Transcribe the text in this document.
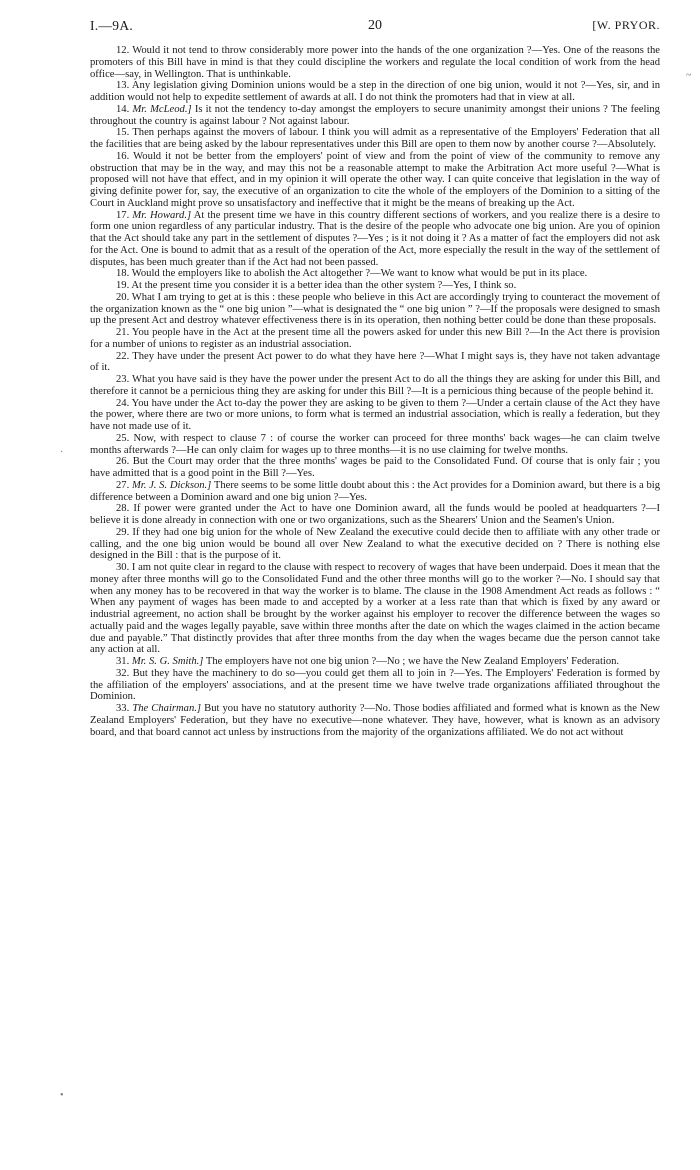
I.—9A.	20	[W. PRYOR.
~
·
•

12. Would it not tend to throw considerably more power into the hands of the one organization ?—Yes. One of the reasons the promoters of this Bill have in mind is that they could discipline the workers and regulate the local condition of work from the head office—say, in Wellington. That is unthinkable.

13. Any legislation giving Dominion unions would be a step in the direction of one big union, would it not ?—Yes, sir, and in addition would not help to expedite settlement of awards at all. I do not think the promoters had that in view at all.

14. Mr. McLeod.] Is it not the tendency to-day amongst the employers to secure unanimity amongst their unions ? The feeling throughout the country is against labour ? Not against labour.

15. Then perhaps against the movers of labour. I think you will admit as a representative of the Employers' Federation that all the facilities that are being asked by the labour representatives under this Bill are open to them now by another course ?—Absolutely.

16. Would it not be better from the employers' point of view and from the point of view of the community to remove any obstruction that may be in the way, and may this not be a reasonable attempt to make the Arbitration Act more useful ?—What is proposed will not have that effect, and in my opinion it will operate the other way. I can quite conceive that legislation in the way of giving definite power for, say, the executive of an organization to cite the whole of the employers of the Dominion to a sitting of the Court in Auckland might prove so unsatisfactory and ineffective that it might be the means of breaking up the Act.

17. Mr. Howard.] At the present time we have in this country different sections of workers, and you realize there is a desire to form one union regardless of any particular industry. That is the desire of the people who advocate one big union. Are you of opinion that the Act should take any part in the settlement of disputes ?—Yes ; is it not doing it ? As a matter of fact the employers did not ask for the Act. One is bound to admit that as a result of the operation of the Act, more especially the result in the way of the settlement of disputes, has been much greater than if the Act had not been passed.

18. Would the employers like to abolish the Act altogether ?—We want to know what would be put in its place.

19. At the present time you consider it is a better idea than the other system ?—Yes, I think so.

20. What I am trying to get at is this : these people who believe in this Act are accordingly trying to counteract the movement of the organization known as the “ one big union ”—what is designated the “ one big union ” ?—If the proposals were designed to smash up the present Act and destroy whatever effectiveness there is in its operation, then nothing better could be done than these proposals.

21. You people have in the Act at the present time all the powers asked for under this new Bill ?—In the Act there is provision for a number of unions to register as an industrial association.

22. They have under the present Act power to do what they have here ?—What I might says is, they have not taken advantage of it.

23. What you have said is they have the power under the present Act to do all the things they are asking for under this Bill, and therefore it cannot be a pernicious thing they are asking for under this Bill ?—It is a pernicious thing because of the people behind it.

24. You have under the Act to-day the power they are asking to be given to them ?—Under a certain clause of the Act they have the power, where there are two or more unions, to form what is termed an industrial association, which is really a federation, but they have not made use of it.

25. Now, with respect to clause 7 : of course the worker can proceed for three months' back wages—he can claim twelve months afterwards ?—He can only claim for wages up to three months—it is no use claiming for twelve months.

26. But the Court may order that the three months' wages be paid to the Consolidated Fund. Of course that is only fair ; you have admitted that is a good point in the Bill ?—Yes.

27. Mr. J. S. Dickson.] There seems to be some little doubt about this : the Act provides for a Dominion award, but there is a big difference between a Dominion award and one big union ?—Yes.

28. If power were granted under the Act to have one Dominion award, all the funds would be pooled at headquarters ?—I believe it is done already in connection with one or two organizations, such as the Shearers' Union and the Seamen's Union.

29. If they had one big union for the whole of New Zealand the executive could decide then to affiliate with any other trade or calling, and the one big union would be bound all over New Zealand to what the executive decided on ? There is nothing else designed in the Bill : that is the purpose of it.

30. I am not quite clear in regard to the clause with respect to recovery of wages that have been underpaid. Does it mean that the money after three months will go to the Consolidated Fund and the other three months will go to the worker ?—No. I should say that when any money has to be recovered in that way the worker is to blame. The clause in the 1908 Amendment Act reads as follows : “ When any payment of wages has been made to and accepted by a worker at a less rate than that which is fixed by any award or industrial agreement, no action shall be brought by the worker against his employer to recover the difference between the wages so actually paid and the wages legally payable, save within three months after the date on which the wages claimed in the action became due and payable.” That distinctly provides that after three months from the day when the wages became due the person cannot take any action at all.

31. Mr. S. G. Smith.] The employers have not one big union ?—No ; we have the New Zealand Employers' Federation.

32. But they have the machinery to do so—you could get them all to join in ?—Yes. The Employers' Federation is formed by the affiliation of the employers' associations, and at the present time we have twelve trade organizations affiliated throughout the Dominion.

33. The Chairman.] But you have no statutory authority ?—No. Those bodies affiliated and formed what is known as the New Zealand Employers' Federation, but they have no executive—none whatever. They have, however, what is known as an advisory board, and that board cannot act unless by instructions from the majority of the organizations affiliated. We do not act without
